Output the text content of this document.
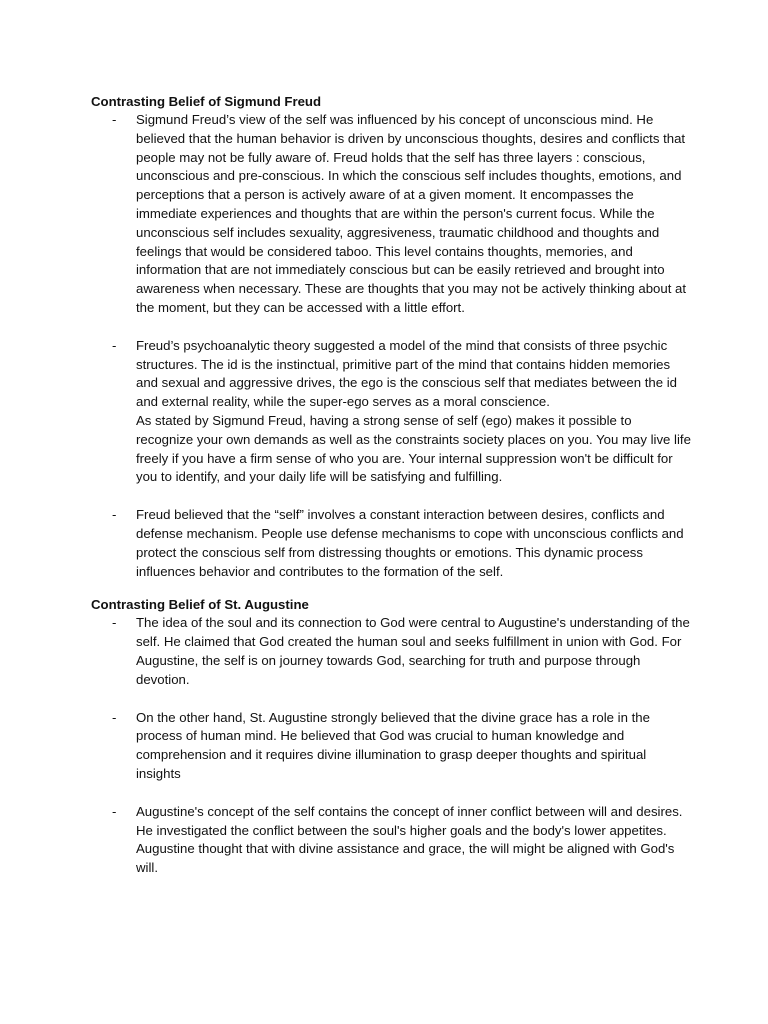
Contrasting Belief of Sigmund Freud

- Sigmund Freud’s view of the self was influenced by his concept of unconscious mind. He believed that the human behavior is driven by unconscious thoughts, desires and conflicts that people may not be fully aware of. Freud holds that the self has three layers : conscious, unconscious and pre-conscious. In which the conscious self includes thoughts, emotions, and perceptions that a person is actively aware of at a given moment. It encompasses the immediate experiences and thoughts that are within the person's current focus. While the unconscious self includes sexuality, aggresiveness, traumatic childhood and thoughts and feelings that would be considered taboo. This level contains thoughts, memories, and information that are not immediately conscious but can be easily retrieved and brought into awareness when necessary. These are thoughts that you may not be actively thinking about at the moment, but they can be accessed with a little effort.

- Freud’s psychoanalytic theory suggested a model of the mind that consists of three psychic structures. The id is the instinctual, primitive part of the mind that contains hidden memories and sexual and aggressive drives, the ego is the conscious self that mediates between the id and external reality, while the super-ego serves as a moral conscience.

As stated by Sigmund Freud, having a strong sense of self (ego) makes it possible to recognize your own demands as well as the constraints society places on you. You may live life freely if you have a firm sense of who you are. Your internal suppression won't be difficult for you to identify, and your daily life will be satisfying and fulfilling.

- Freud believed that the “self” involves a constant interaction between desires, conflicts and defense mechanism. People use defense mechanisms to cope with unconscious conflicts and protect the conscious self from distressing thoughts or emotions. This dynamic process influences behavior and contributes to the formation of the self.

Contrasting Belief of St. Augustine

- The idea of the soul and its connection to God were central to Augustine's understanding of the self. He claimed that God created the human soul and seeks fulfillment in union with God. For Augustine, the self is on journey towards God, searching for truth and purpose through devotion.

- On the other hand, St. Augustine strongly believed that the divine grace has a role in the process of human mind. He believed that God was crucial to human knowledge and comprehension and it requires divine illumination to grasp deeper thoughts and spiritual insights

- Augustine's concept of the self contains the concept of inner conflict between will and desires. He investigated the conflict between the soul's higher goals and the body's lower appetites. Augustine thought that with divine assistance and grace, the will might be aligned with God's will.
